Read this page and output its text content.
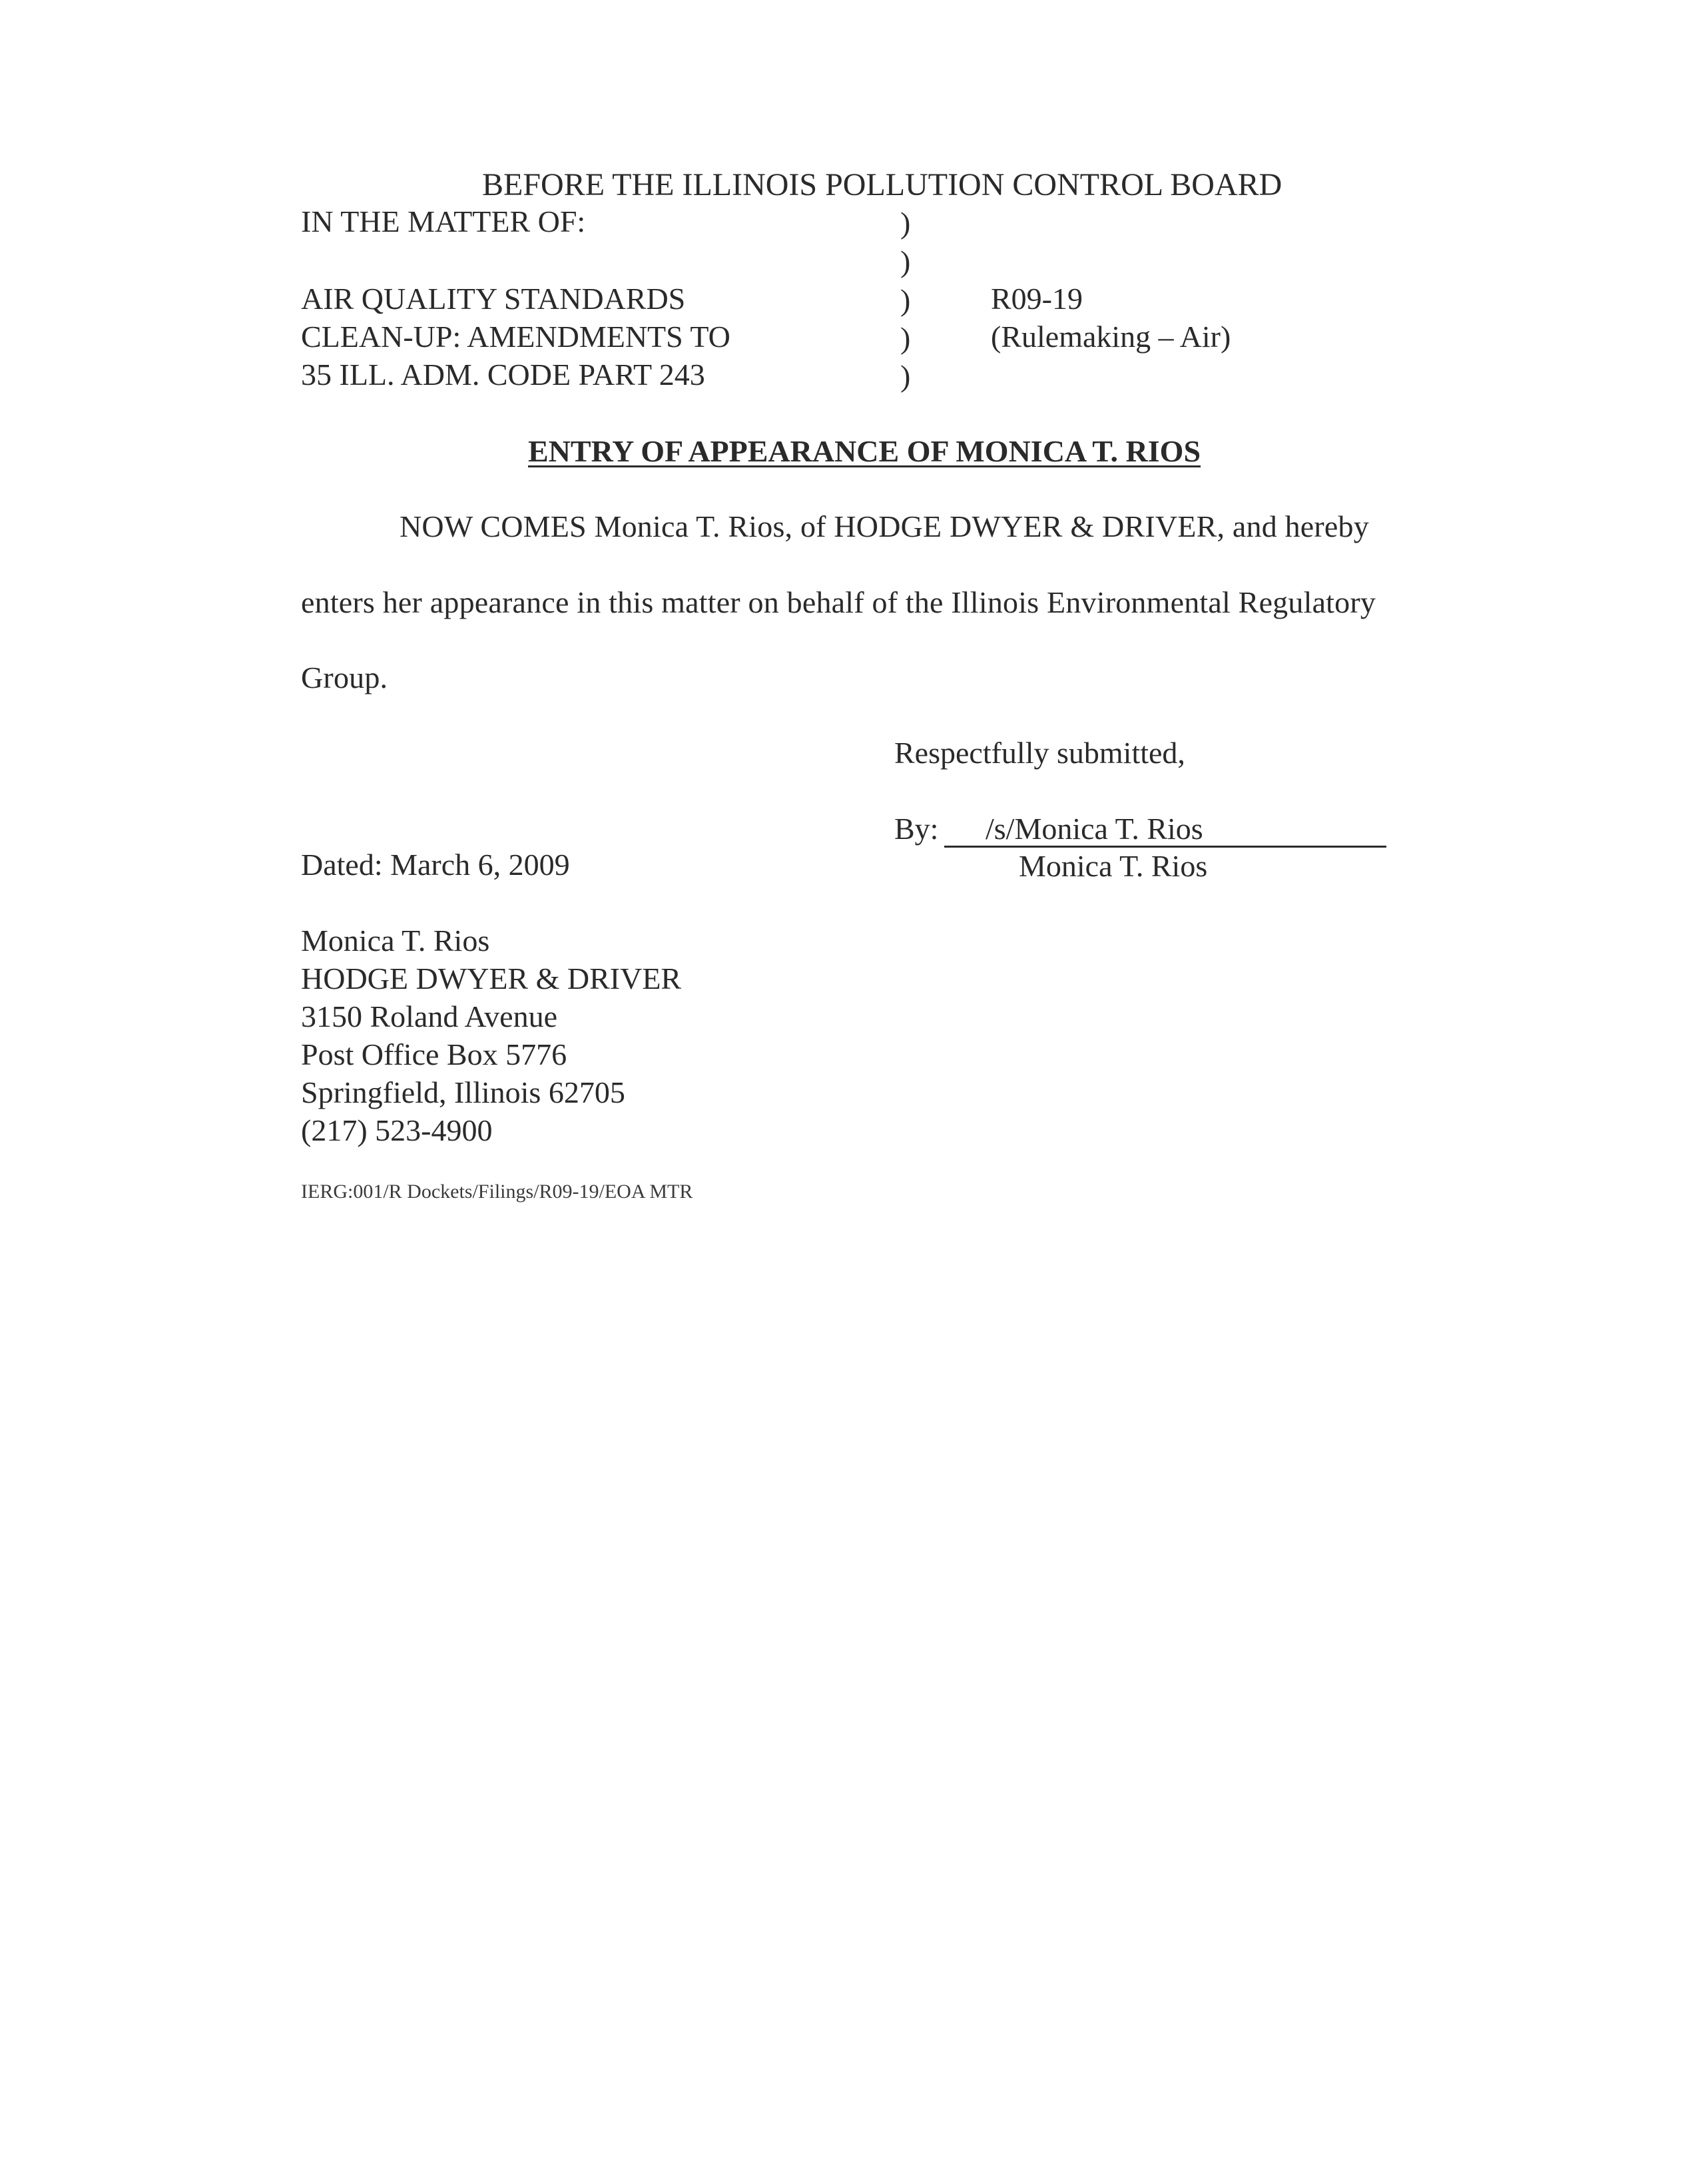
BEFORE THE ILLINOIS POLLUTION CONTROL BOARD
IN THE MATTER OF:
AIR QUALITY STANDARDS
CLEAN-UP: AMENDMENTS TO
35 ILL. ADM. CODE PART 243
)
)
)
)
)
R09-19
(Rulemaking – Air)
ENTRY OF APPEARANCE OF MONICA T. RIOS
NOW COMES Monica T. Rios, of HODGE DWYER & DRIVER, and hereby
enters her appearance in this matter on behalf of the Illinois Environmental Regulatory
Group.
Respectfully submitted,
By: /s/Monica T. Rios
Monica T. Rios
Dated: March 6, 2009
Monica T. Rios
HODGE DWYER & DRIVER
3150 Roland Avenue
Post Office Box 5776
Springfield, Illinois 62705
(217) 523-4900
IERG:001/R Dockets/Filings/R09-19/EOA MTR
